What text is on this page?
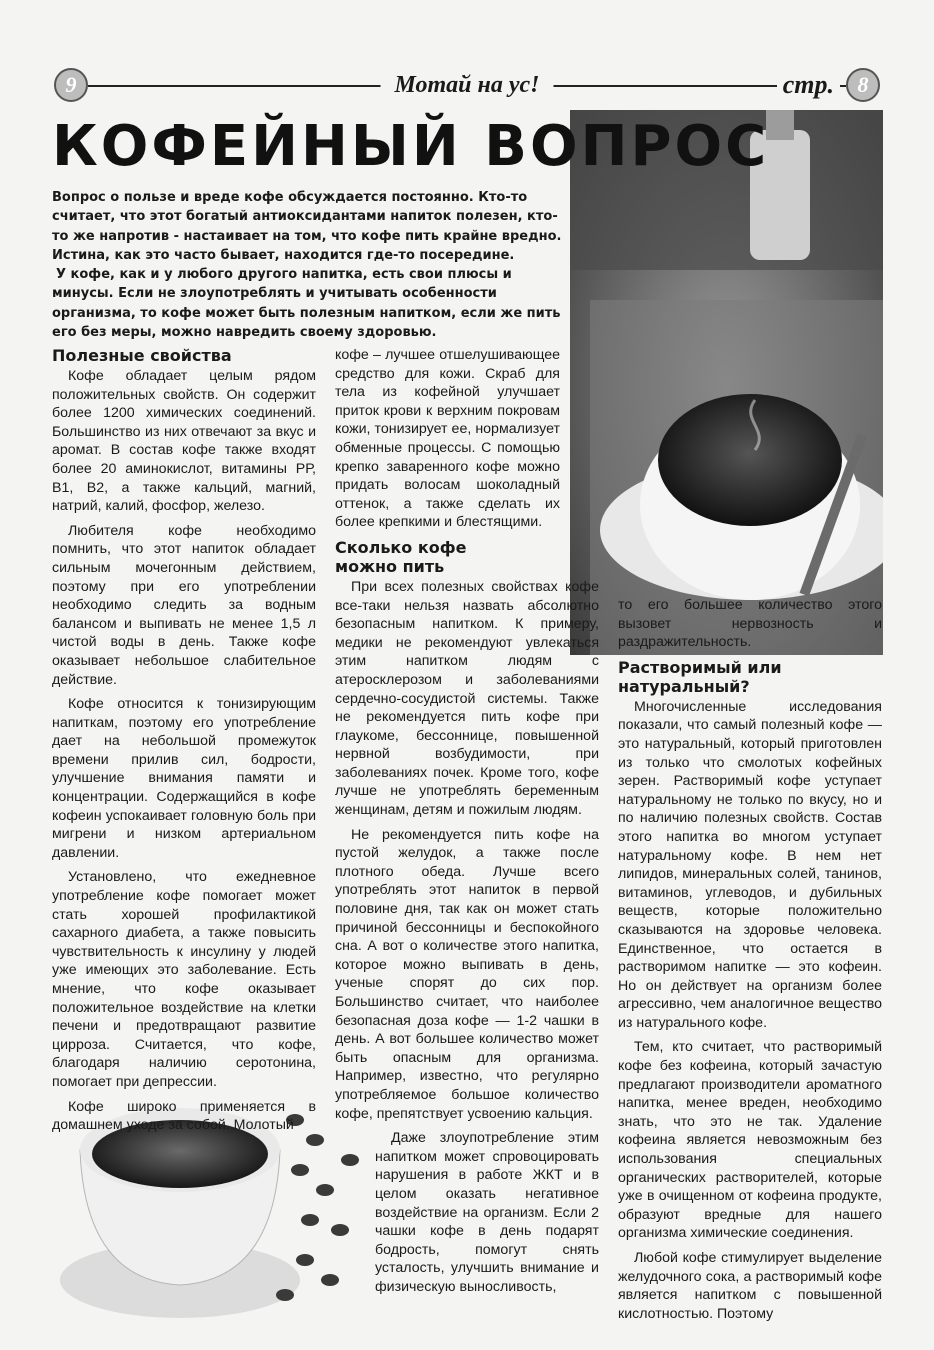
9	Мотай на ус!	стр.	8
КОФЕЙНЫЙ ВОПРОС

Вопрос о пользе и вреде кофе обсуждается постоянно. Кто-то считает, что этот богатый антиоксидантами напиток полезен, кто-то же напротив - настаивает на том, что кофе пить крайне вредно. Истина, как это часто бывает, находится где-то посередине.

У кофе, как и у любого другого напитка, есть свои плюсы и минусы. Если не злоупотреблять и учитывать особенности организма, то кофе может быть полезным напитком, если же пить его без меры, можно навредить своему здоровью.

Полезные свойства

Кофе обладает целым рядом положительных свойств. Он содержит более 1200 химических соединений. Большинство из них отвечают за вкус и аромат. В состав кофе также входят более 20 аминокислот, витамины РР, В1, В2, а также кальций, магний, натрий, калий, фосфор, железо.

Любителя кофе необходимо помнить, что этот напиток обладает сильным мочегонным действием, поэтому при его употреблении необходимо следить за водным балансом и выпивать не менее 1,5 л чистой воды в день. Также кофе оказывает небольшое слабительное действие.

Кофе относится к тонизирующим напиткам, поэтому его употребление дает на небольшой промежуток времени прилив сил, бодрости, улучшение внимания памяти и концентрации. Содержащийся в кофе кофеин успокаивает головную боль при мигрени и низком артериальном давлении.

Установлено, что ежедневное употребление кофе помогает может стать хорошей профилактикой сахарного диабета, а также повысить чувствительность к инсулину у людей уже имеющих это заболевание. Есть мнение, что кофе оказывает положительное воздействие на клетки печени и предотвращают развитие цирроза. Считается, что кофе, благодаря наличию серотонина, помогает при депрессии.

Кофе широко применяется в домашнем уходе за собой. Молотый

кофе – лучшее отшелушивающее средство для кожи. Скраб для тела из кофейной улучшает приток крови к верхним покровам кожи, тонизирует ее, нормализует обменные процессы. С помощью крепко заваренного кофе можно придать волосам шоколадный оттенок, а также сделать их более крепкими и блестящими.

Сколько кофе можно пить

При всех полезных свойствах кофе все-таки нельзя назвать абсолютно безопасным напитком. К примеру, медики не рекомендуют увлекаться этим напитком людям с атеросклерозом и заболеваниями сердечно-сосудистой системы. Также не рекомендуется пить кофе при глаукоме, бессоннице, повышенной нервной возбудимости, при заболеваниях почек. Кроме того, кофе лучше не употреблять беременным женщинам, детям и пожилым людям.

Не рекомендуется пить кофе на пустой желудок, а также после плотного обеда. Лучше всего употреблять этот напиток в первой половине дня, так как он может стать причиной бессонницы и беспокойного сна. А вот о количестве этого напитка, которое можно выпивать в день, ученые спорят до сих пор. Большинство считает, что наиболее безопасная доза кофе — 1-2 чашки в день. А вот большее количество может быть опасным для организма. Например, известно, что регулярно употребляемое большое количество кофе, препятствует усвоению кальция.

Даже злоупотребление этим напитком может спровоцировать нарушения в работе ЖКТ и в целом оказать негативное воздействие на организм. Если 2 чашки кофе в день подарят бодрость, помогут снять усталость, улучшить внимание и физическую выносливость,

то его большее количество этого вызовет нервозность и раздражительность.

Растворимый или натуральный?

Многочисленные исследования показали, что самый полезный кофе — это натуральный, который приготовлен из только что смолотых кофейных зерен. Растворимый кофе уступает натуральному не только по вкусу, но и по наличию полезных свойств. Состав этого напитка во многом уступает натуральному кофе. В нем нет липидов, минеральных солей, танинов, витаминов, углеводов, и дубильных веществ, которые положительно сказываются на здоровье человека. Единственное, что остается в растворимом напитке — это кофеин. Но он действует на организм более агрессивно, чем аналогичное вещество из натурального кофе.

Тем, кто считает, что растворимый кофе без кофеина, который зачастую предлагают производители ароматного напитка, менее вреден, необходимо знать, что это не так. Удаление кофеина является невозможным без использования специальных органических растворителей, которые уже в очищенном от кофеина продукте, образуют вредные для нашего организма химические соединения.

Любой кофе стимулирует выделение желудочного сока, а растворимый кофе является напитком с повышенной кислотностью. Поэтому
